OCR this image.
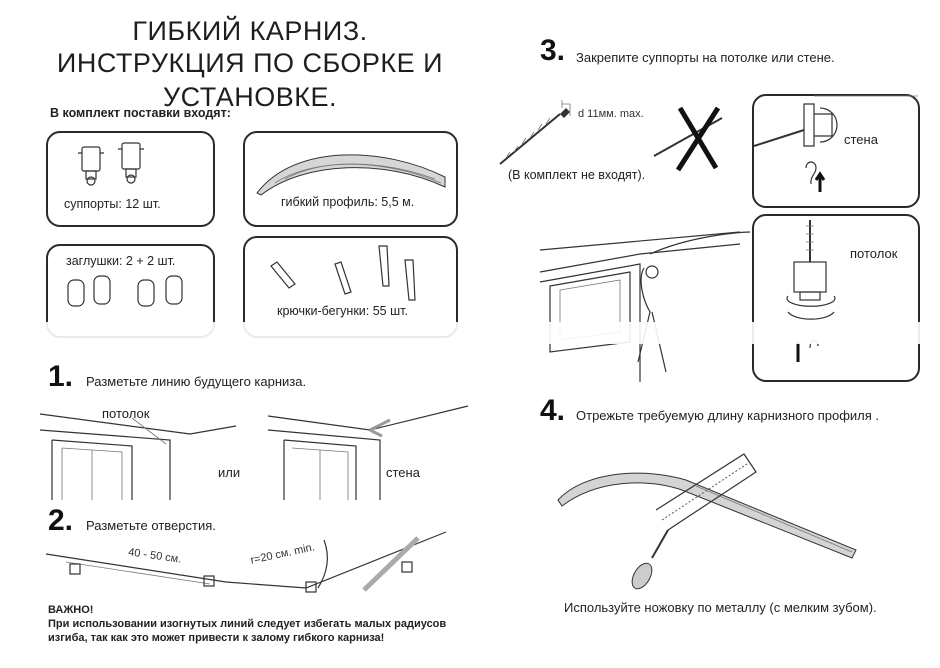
ГИБКИЙ КАРНИЗ.
ИНСТРУКЦИЯ ПО СБОРКЕ И УСТАНОВКЕ.
В комплект поставки входят:
суппорты: 12 шт.	гибкий профиль: 5,5 м.
заглушки: 2 + 2 шт.
крючки-бегунки: 55 шт.
3. Закрепите суппорты на потолке или стене.
d 11мм. max.
(В комплект не входят).
стена
потолок
1. Разметьте линию будущего карниза.
потолок
или	стена
2. Разметьте отверстия.
40 - 50 см.	r=20 см. min.
ВАЖНО!
При использовании изогнутых линий следует избегать малых радиусов
изгиба, так как это может привести к залому гибкого карниза!
4. Отрежьте требуемую длину карнизного профиля .
Используйте ножовку по металлу (с мелким зубом).
